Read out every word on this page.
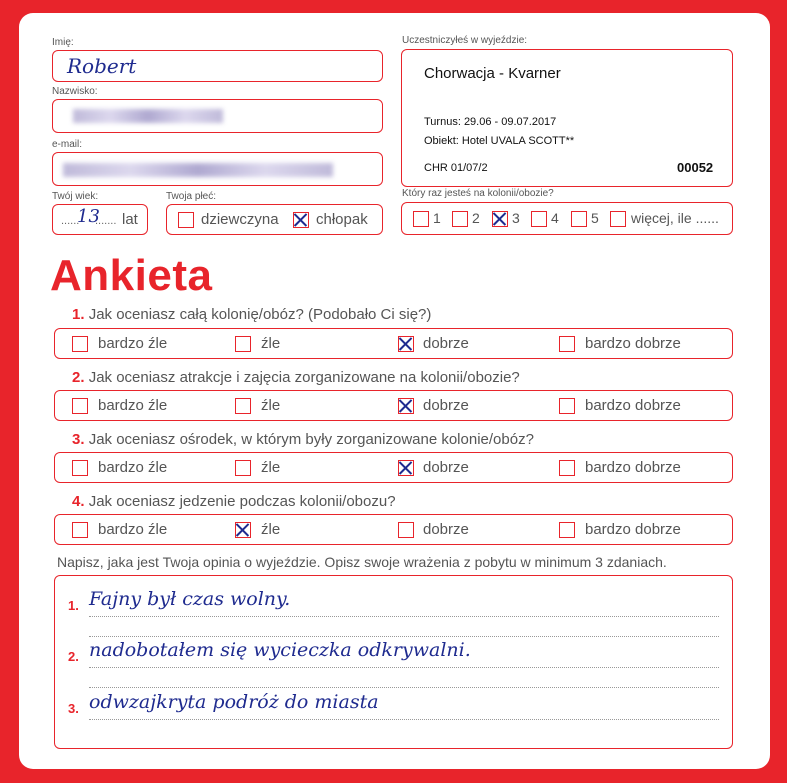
Imię:
Robert
Nazwisko:
e-mail:
Twój wiek:
......
13
....... lat
Twoja płeć:
dziewczyna chłopak
Uczestniczyłeś w wyjeździe:
Chorwacja - Kvarner
Turnus: 29.06 - 09.07.2017
Obiekt: Hotel UVALA SCOTT**
CHR 01/07/2	00052
Który raz jesteś na kolonii/obozie?
1 2 3 4 5 więcej, ile ......
Ankieta
1. Jak oceniasz całą kolonię/obóz? (Podobało Ci się?)
bardzo źle	źle	dobrze	bardzo dobrze
2. Jak oceniasz atrakcje i zajęcia zorganizowane na kolonii/obozie?
bardzo źle	źle	dobrze	bardzo dobrze
3. Jak oceniasz ośrodek, w którym były zorganizowane kolonie/obóz?
bardzo źle	źle	dobrze	bardzo dobrze
4. Jak oceniasz jedzenie podczas kolonii/obozu?
bardzo źle	źle	dobrze	bardzo dobrze
Napisz, jaka jest Twoja opinia o wyjeździe. Opisz swoje wrażenia z pobytu w minimum 3 zdaniach.
1. Fajny był czas wolny.
2. nadobotałem się wycieczka odkrywalni.
3. odwzajkryta podróż do miasta
